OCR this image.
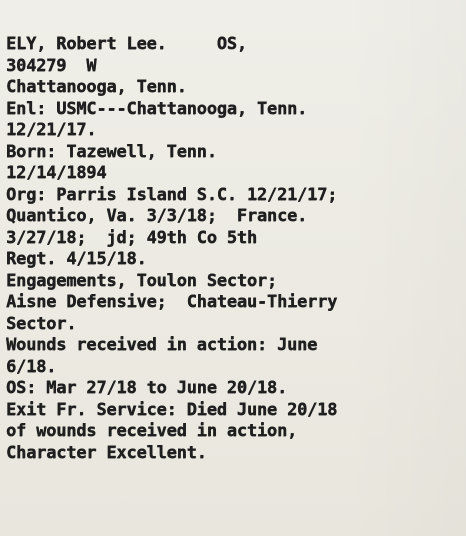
ELY, Robert Lee.     OS,
304279  W
Chattanooga, Tenn.
Enl: USMC---Chattanooga, Tenn.
12/21/17.
Born: Tazewell, Tenn.
12/14/1894
Org: Parris Island S.C. 12/21/17;
Quantico, Va. 3/3/18;  France.
3/27/18;  jd; 49th Co 5th
Regt. 4/15/18.
Engagements, Toulon Sector;
Aisne Defensive;  Chateau-Thierry
Sector.
Wounds received in action: June
6/18.
OS: Mar 27/18 to June 20/18.
Exit Fr. Service: Died June 20/18
of wounds received in action,
Character Excellent.
